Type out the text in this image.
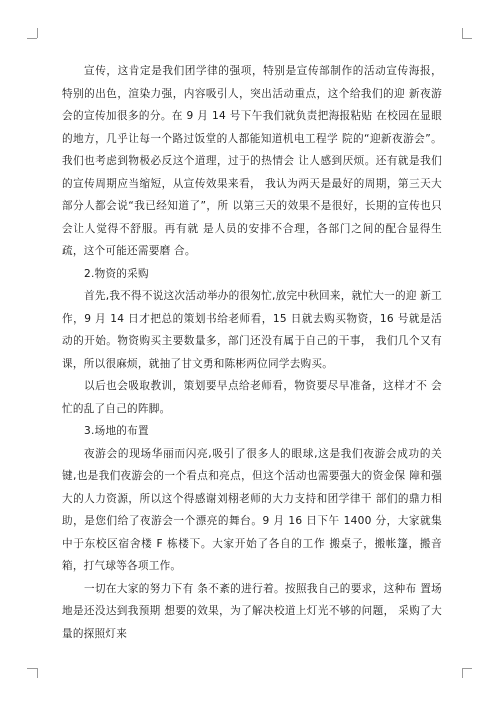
宣传，这肯定是我们团学律的强项，特别是宣传部制作的活动宣传海报， 特别的出色，渲染力强，内容吸引人，突出活动重点，这个给我们的迎 新夜游会的宣传加很多的分。在 9 月 14 号下午我们就负责把海报粘贴 在校园在显眼的地方，几乎让每一个路过饭堂的人都能知道机电工程学 院的“迎新夜游会”。我们也考虑到物极必反这个道理，过于的热情会 让人感到厌烦。还有就是我们的宣传周期应当缩短，从宣传效果来看， 我认为两天是最好的周期，第三天大部分人都会说“我已经知道了”，所 以第三天的效果不是很好，长期的宣传也只会让人觉得不舒服。再有就 是人员的安排不合理，各部门之间的配合显得生疏，这个可能还需要磨 合。

2.物资的采购

首先,我不得不说这次活动举办的很匆忙,放完中秋回来，就忙大一的迎 新工作，9 月 14 日才把总的策划书给老师看，15 日就去购买物资，16 号就是活动的开始。物资购买主要数量多，部门还没有属于自己的干事， 我们几个又有课，所以很麻烦，就抽了甘文勇和陈彬两位同学去购买。

以后也会吸取教训，策划要早点给老师看，物资要尽早准备，这样才不 会忙的乱了自己的阵脚。

3.场地的布置

夜游会的现场华丽而闪亮,吸引了很多人的眼球,这是我们夜游会成功的关 键,也是我们夜游会的一个看点和亮点，但这个活动也需要强大的资金保 障和强大的人力资源，所以这个得感谢刘栩老师的大力支持和团学律干 部们的鼎力相助，是您们给了夜游会一个漂亮的舞台。9 月 16 日下午 1400 分，大家就集中于东校区宿舍楼 F 栋楼下。大家开始了各自的工作 搬桌子，搬帐篷，搬音箱，打气球等各项工作。

一切在大家的努力下有 条不紊的进行着。按照我自己的要求，这种布 置场地是还没达到我预期 想要的效果，为了解决校道上灯光不够的问题， 采购了大量的探照灯来
